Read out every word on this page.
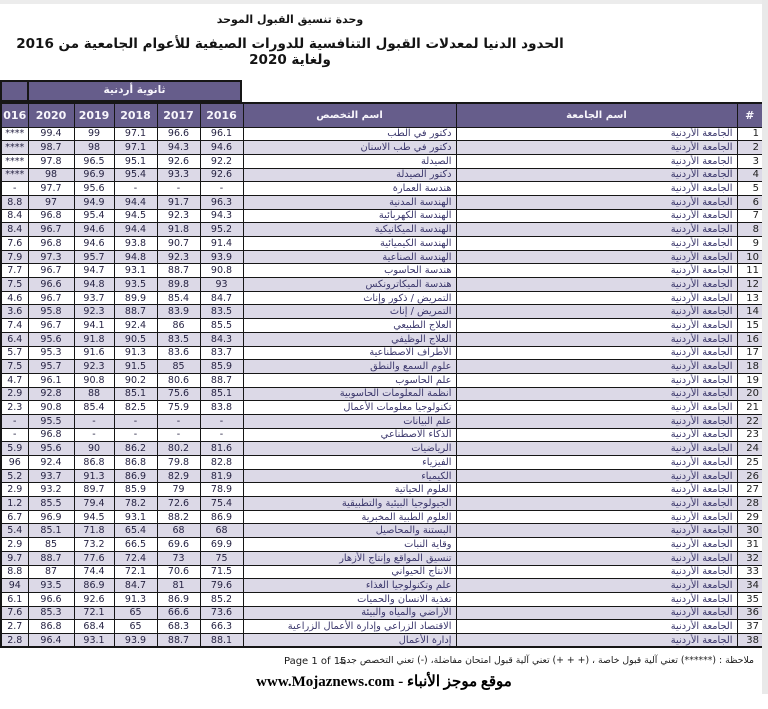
وحدة تنسيق القبول الموحد
الحدود الدنيا لمعدلات القبول التنافسية للدورات الصيفية للأعوام الجامعية من 2016 ولغاية 2020
ثانوية أردنية
#	اسم الجامعة	اسم التخصص	2016	2017	2018	2019	2020	016
1	الجامعة الأردنية	دكتور في الطب	96.1	96.6	97.1	99	99.4	****
2	الجامعة الأردنية	دكتور في طب الاسنان	94.6	94.3	97.1	98	98.7	****
3	الجامعة الأردنية	الصيدلة	92.2	92.6	95.1	96.5	97.8	****
4	الجامعة الأردنية	دكتور الصيدلة	92.6	93.3	95.4	96.9	98	****
5	الجامعة الأردنية	هندسة العمارة	-	-	-	95.6	97.7	-
6	الجامعة الأردنية	الهندسة المدنية	96.3	91.7	94.4	94.9	97	8.8
7	الجامعة الأردنية	الهندسة الكهربائية	94.3	92.3	94.5	95.4	96.8	8.4
8	الجامعة الأردنية	الهندسة الميكانيكية	95.2	91.8	94.4	94.6	96.7	8.4
9	الجامعة الأردنية	الهندسة الكيميائية	91.4	90.7	93.8	94.6	96.8	7.6
10	الجامعة الأردنية	الهندسة الصناعية	93.9	92.3	94.8	95.7	97.3	7.9
11	الجامعة الأردنية	هندسة الحاسوب	90.8	88.7	93.1	94.7	96.7	7.7
12	الجامعة الأردنية	هندسة الميكاترونكس	93	89.8	93.5	94.8	96.6	7.5
13	الجامعة الأردنية	التمريض / ذكور وإناث	84.7	85.4	89.9	93.7	96.7	4.6
14	الجامعة الأردنية	التمريض / إناث	83.5	83.9	88.7	92.3	95.8	3.6
15	الجامعة الأردنية	العلاج الطبيعي	85.5	86	92.4	94.1	96.7	7.4
16	الجامعة الأردنية	العلاج الوظيفي	84.3	83.5	90.5	91.8	95.6	6.4
17	الجامعة الأردنية	الأطراف الاصطناعية	83.7	83.6	91.3	91.6	95.3	5.7
18	الجامعة الأردنية	علوم السمع والنطق	85.9	85	91.5	92.3	95.7	7.5
19	الجامعة الأردنية	علم الحاسوب	88.7	80.6	90.2	90.8	96.1	4.7
20	الجامعة الأردنية	أنظمة المعلومات الحاسوبية	85.1	75.6	85.1	88	92.8	2.9
21	الجامعة الأردنية	تكنولوجيا معلومات الأعمال	83.8	75.9	82.5	85.4	90.8	2.3
22	الجامعة الأردنية	علم البيانات	-	-	-	-	95.5	-
23	الجامعة الأردنية	الذكاء الاصطناعي	-	-	-	-	96.8	-
24	الجامعة الأردنية	الرياضيات	81.6	80.2	86.2	90	95.6	5.9
25	الجامعة الأردنية	الفيزياء	82.8	79.8	86.8	86.8	92.4	96
26	الجامعة الأردنية	الكيمياء	81.9	82.9	86.9	91.3	93.7	5.2
27	الجامعة الأردنية	العلوم الحياتية	78.9	79	85.9	89.7	93.2	2.9
28	الجامعة الأردنية	الجيولوجيا البيئية والتطبيقية	75.4	72.6	78.2	79.4	85.5	1.2
29	الجامعة الأردنية	العلوم الطبية المخبرية	86.9	88.2	93.1	94.5	96.9	6.7
30	الجامعة الأردنية	البستنة والمحاصيل	68	68	65.4	71.8	85.1	5.4
31	الجامعة الأردنية	وقاية النبات	69.9	69.6	66.5	73.2	85	2.9
32	الجامعة الأردنية	تنسيق المواقع وإنتاج الأزهار	75	73	72.4	77.6	88.7	9.7
33	الجامعة الأردنية	الانتاج الحيواني	71.5	70.6	72.1	74.4	87	8.8
34	الجامعة الأردنية	علم وتكنولوجيا الغذاء	79.6	81	84.7	86.9	93.5	94
35	الجامعة الأردنية	تغذية الانسان والحميات	85.2	86.9	91.3	92.6	96.6	6.1
36	الجامعة الأردنية	الأراضي والمياه والبيئة	73.6	66.6	65	72.1	85.3	7.6
37	الجامعة الأردنية	الاقتصاد الزراعي وإدارة الأعمال الزراعية	66.3	68.3	65	68.4	86.8	2.7
38	الجامعة الأردنية	إدارة الأعمال	88.1	88.7	93.9	93.1	96.4	2.8
ملاحظة : (******) تعني آلية قبول خاصة ، (+ + +) تعني آلية قبول امتحان مفاضلة، (-) تعني التخصص جديد
Page 1 of 15
www.Mojaznews.com - موقع موجز الأنباء
